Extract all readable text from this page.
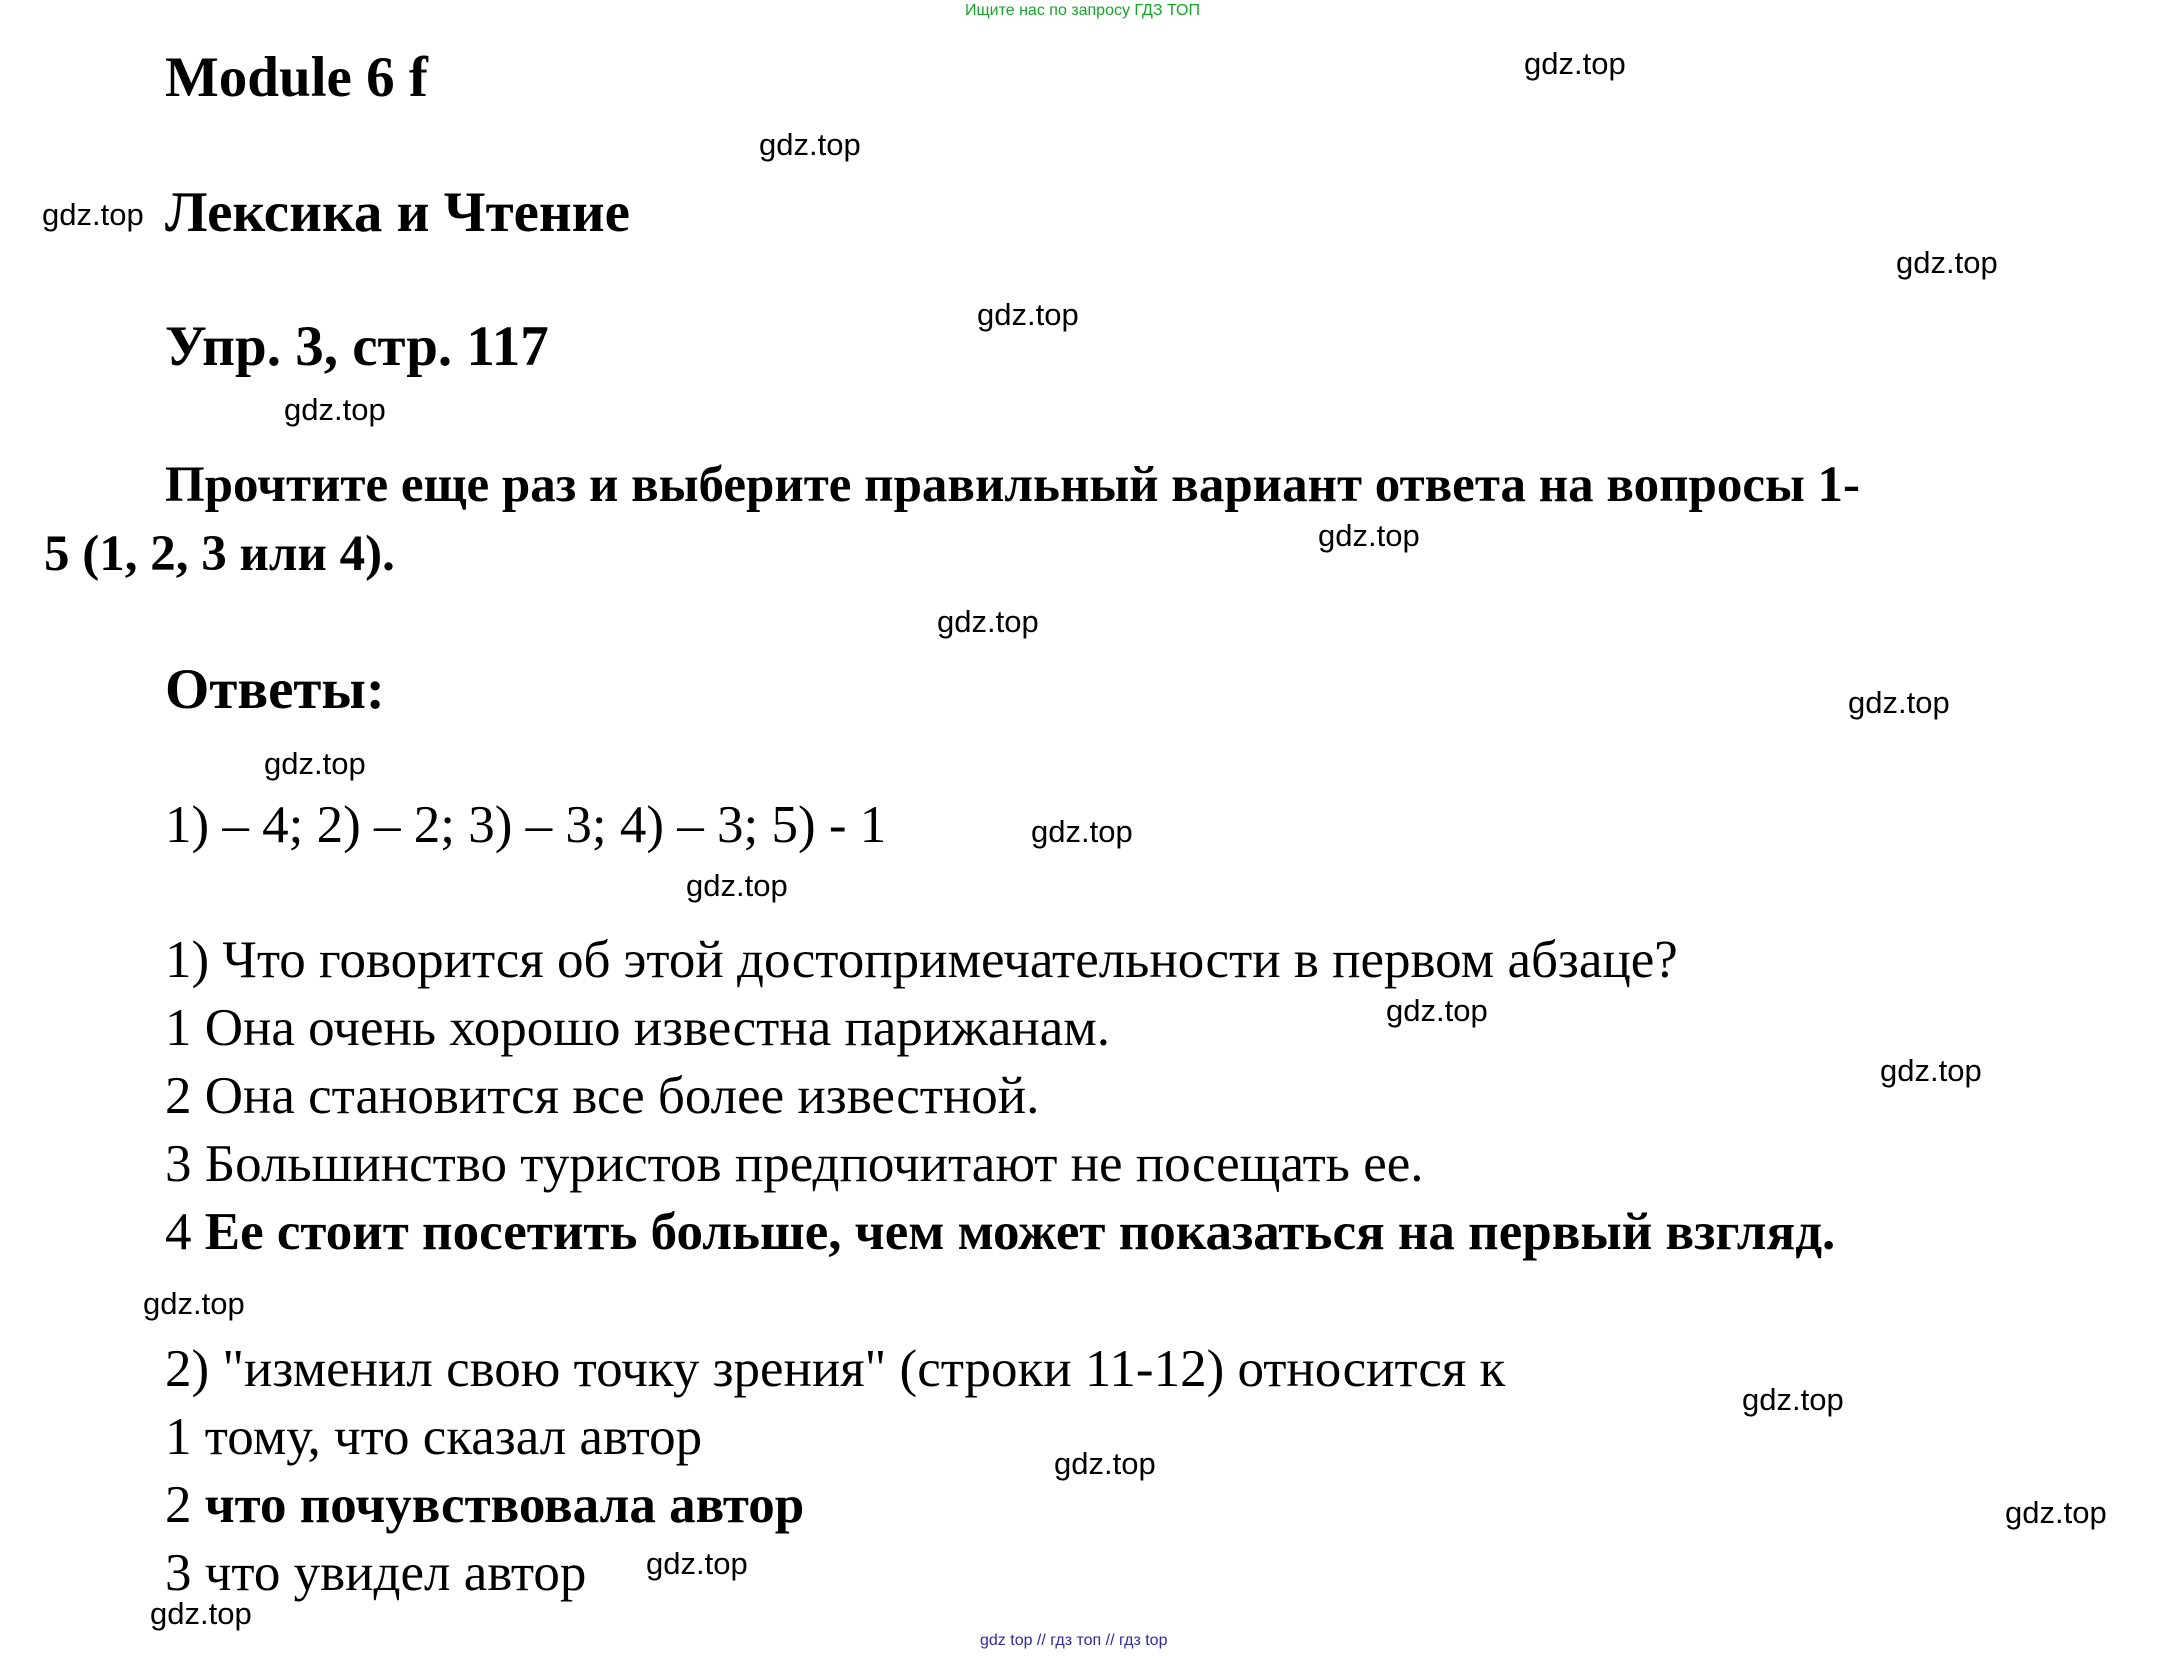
Ищите нас по запросу ГДЗ ТОП
Module 6 f
Лексика и Чтение
Упр. 3, стр. 117
Прочтите еще раз и выберите правильный вариант ответа на вопросы 1-
5 (1, 2, 3 или 4).
Ответы:
1) – 4; 2) – 2; 3) – 3; 4) – 3; 5) - 1
1) Что говорится об этой достопримечательности в первом абзаце?
1 Она очень хорошо известна парижанам.
2 Она становится все более известной.
3 Большинство туристов предпочитают не посещать ее.
4 Ее стоит посетить больше, чем может показаться на первый взгляд.
2) "изменил свою точку зрения" (строки 11-12) относится к
1 тому, что сказал автор
2 что почувствовала автор
3 что увидел автор
gdz.top
gdz.top
gdz.top
gdz.top
gdz.top
gdz.top
gdz.top
gdz.top
gdz.top
gdz.top
gdz.top
gdz.top
gdz.top
gdz.top
gdz.top
gdz.top
gdz.top
gdz.top
gdz.top
gdz.top
gdz top // гдз топ // гдз top
